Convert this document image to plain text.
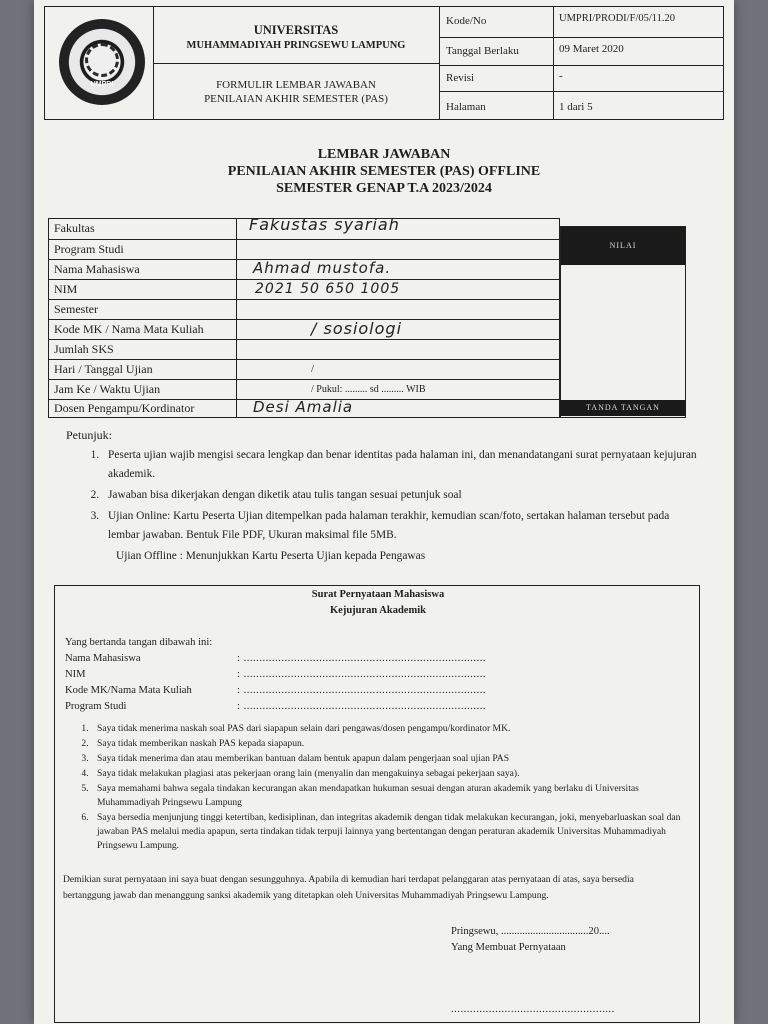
UMPRI
UNIVERSITAS
MUHAMMADIYAH PRINGSEWU LAMPUNG
FORMULIR LEMBAR JAWABAN
PENILAIAN AKHIR SEMESTER (PAS)
Kode/No	UMPRI/PRODI/F/05/11.20
Tanggal Berlaku	09 Maret 2020
Revisi	-
Halaman	1 dari 5
LEMBAR JAWABAN
PENILAIAN AKHIR SEMESTER (PAS) OFFLINE
SEMESTER GENAP T.A 2023/2024
Fakultas	Fakustas syariah
Program Studi
Nama Mahasiswa	Ahmad mustofa.
NIM	2021 50 650 1005
Semester
Kode MK / Nama Mata Kuliah	/ sosiologi
Jumlah SKS
Hari / Tanggal Ujian	/
Jam Ke / Waktu Ujian	/ Pukul: ......... sd ......... WIB
Dosen Pengampu/Kordinator	Desi Amalia
NILAI
TANDA TANGAN
Petunjuk:
1. Peserta ujian wajib mengisi secara lengkap dan benar identitas pada halaman ini, dan menandatangani surat pernyataan kejujuran akademik.
2. Jawaban bisa dikerjakan dengan diketik atau tulis tangan sesuai petunjuk soal
3. Ujian Online: Kartu Peserta Ujian ditempelkan pada halaman terakhir, kemudian scan/foto, sertakan halaman tersebut pada lembar jawaban. Bentuk File PDF, Ukuran maksimal file 5MB.
Ujian Offline : Menunjukkan Kartu Peserta Ujian kepada Pengawas
Surat Pernyataan Mahasiswa
Kejujuran Akademik
Yang bertanda tangan dibawah ini:
Nama Mahasiswa	: .............................................................................
NIM	: .............................................................................
Kode MK/Nama Mata Kuliah	: .............................................................................
Program Studi	: .............................................................................
1. Saya tidak menerima naskah soal PAS dari siapapun selain dari pengawas/dosen pengampu/kordinator MK.
2. Saya tidak memberikan naskah PAS kepada siapapun.
3. Saya tidak menerima dan atau memberikan bantuan dalam bentuk apapun dalam pengerjaan soal ujian PAS
4. Saya tidak melakukan plagiasi atas pekerjaan orang lain (menyalin dan mengakuinya sebagai pekerjaan saya).
5. Saya memahami bahwa segala tindakan kecurangan akan mendapatkan hukuman sesuai dengan aturan akademik yang berlaku di Universitas Muhammadiyah Pringsewu Lampung
6. Saya bersedia menjunjung tinggi ketertiban, kedisiplinan, dan integritas akademik dengan tidak melakukan kecurangan, joki, menyebarluaskan soal dan jawaban PAS melalui media apapun, serta tindakan tidak terpuji lainnya yang bertentangan dengan peraturan akademik Universitas Muhammadiyah Pringsewu Lampung.
Demikian surat pernyataan ini saya buat dengan sesungguhnya. Apabila di kemudian hari terdapat pelanggaran atas pernyataan di atas, saya bersedia bertanggung jawab dan menanggung sanksi akademik yang ditetapkan oleh Universitas Muhammadiyah Pringsewu Lampung.
Pringsewu, .................................20....
Yang Membuat Pernyataan
....................................................
